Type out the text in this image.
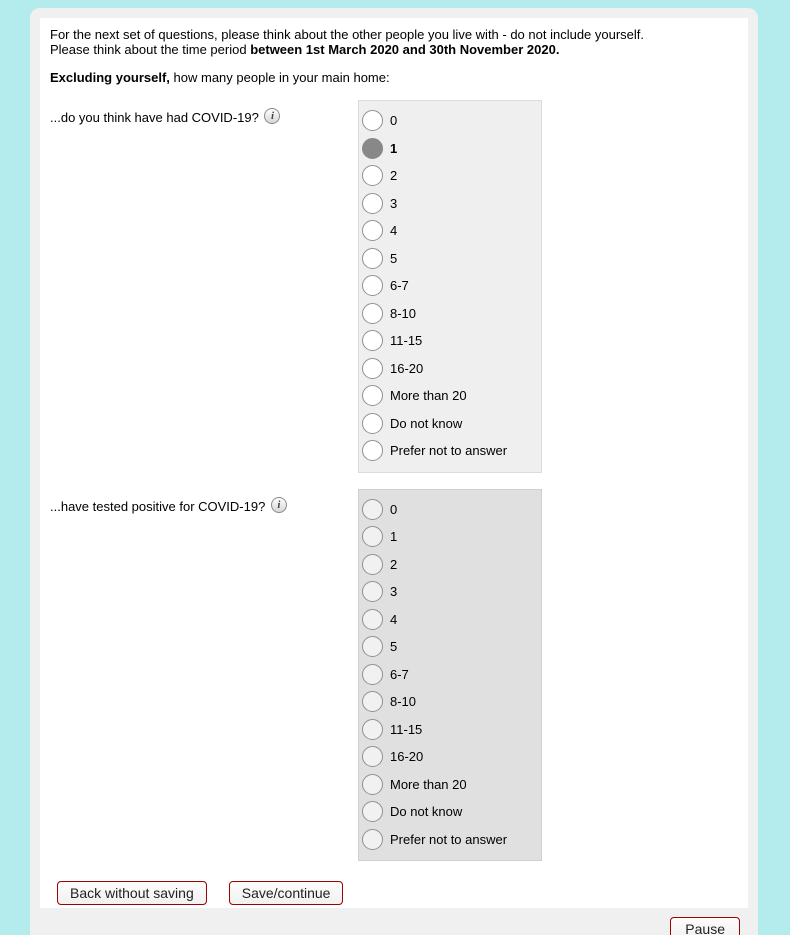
For the next set of questions, please think about the other people you live with - do not include yourself.
Please think about the time period between 1st March 2020 and 30th November 2020.

Excluding yourself, how many people in your main home:

...do you think have had COVID-19? i	0
1
2
3
4
5
6-7
8-10
11-15
16-20
More than 20
Do not know
Prefer not to answer
...have tested positive for COVID-19? i	0
1
2
3
4
5
6-7
8-10
11-15
16-20
More than 20
Do not know
Prefer not to answer
Back without saving	Save/continue
Pause
